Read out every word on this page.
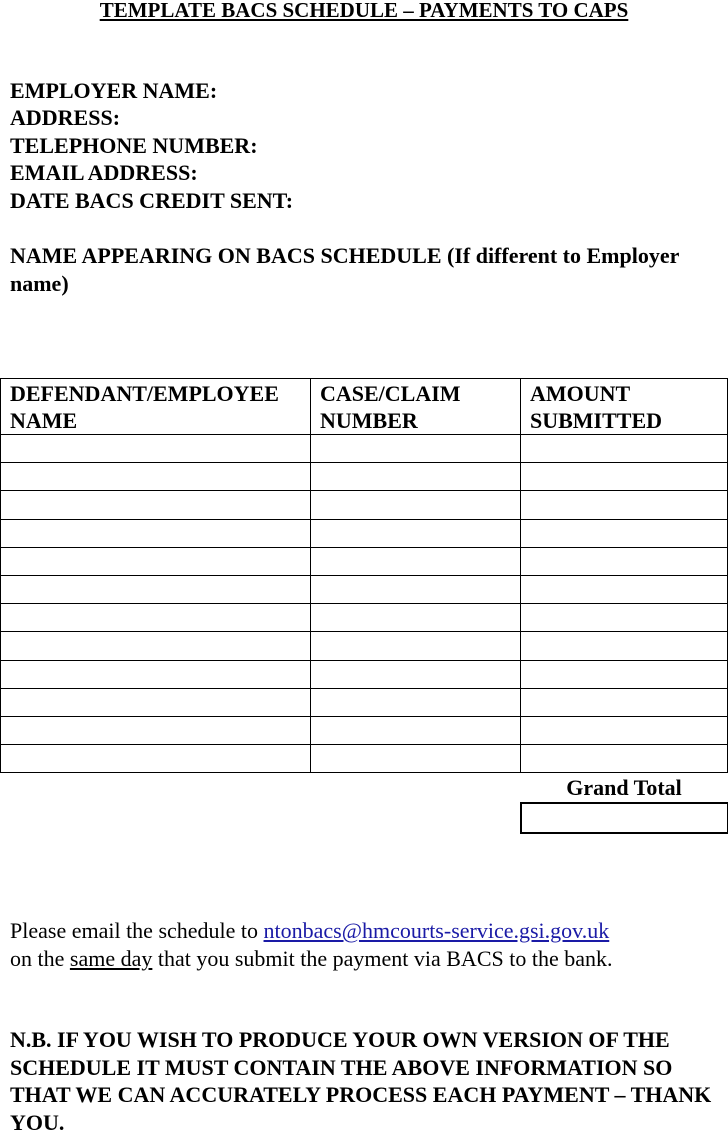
TEMPLATE BACS SCHEDULE – PAYMENTS TO CAPS
EMPLOYER NAME:
ADDRESS:
TELEPHONE NUMBER:
EMAIL ADDRESS:
DATE BACS CREDIT SENT:
NAME APPEARING ON BACS SCHEDULE (If different to Employer name)
DEFENDANT/EMPLOYEE NAME	CASE/CLAIM NUMBER	AMOUNT SUBMITTED

Grand Total
Please email the schedule to ntonbacs@hmcourts-service.gsi.gov.uk
on the same day that you submit the payment via BACS to the bank.

N.B. IF YOU WISH TO PRODUCE YOUR OWN VERSION OF THE SCHEDULE IT MUST CONTAIN THE ABOVE INFORMATION SO THAT WE CAN ACCURATELY PROCESS EACH PAYMENT – THANK YOU.
